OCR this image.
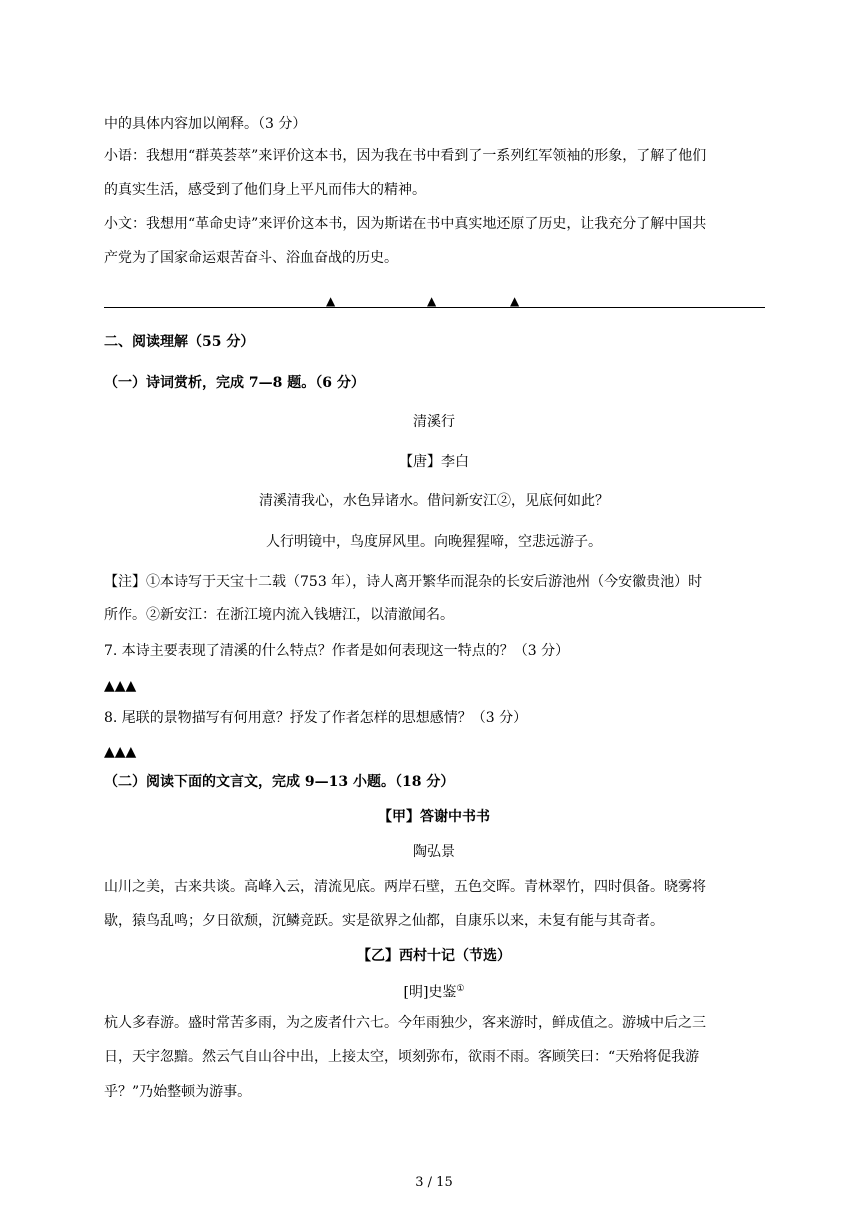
中的具体内容加以阐释。（3 分）
小语：我想用“群英荟萃”来评价这本书，因为我在书中看到了一系列红军领袖的形象，了解了他们
的真实生活，感受到了他们身上平凡而伟大的精神。
小文：我想用“革命史诗”来评价这本书，因为斯诺在书中真实地还原了历史，让我充分了解中国共
产党为了国家命运艰苦奋斗、浴血奋战的历史。
▲	▲	▲
二、阅读理解（55 分）
（一）诗词赏析，完成 7—8 题。（6 分）
清溪行
【唐】李白
清溪清我心，水色异诸水。借问新安江②，见底何如此？
人行明镜中，鸟度屏风里。向晚猩猩啼，空悲远游子。
【注】①本诗写于天宝十二载（753 年），诗人离开繁华而混杂的长安后游池州（今安徽贵池）时
所作。②新安江：在浙江境内流入钱塘江，以清澈闻名。
7. 本诗主要表现了清溪的什么特点？作者是如何表现这一特点的？（3 分）
▲▲▲
8. 尾联的景物描写有何用意？抒发了作者怎样的思想感情？（3 分）
▲▲▲
（二）阅读下面的文言文，完成 9—13 小题。（18 分）
【甲】答谢中书书
陶弘景
山川之美，古来共谈。高峰入云，清流见底。两岸石壁，五色交晖。青林翠竹，四时俱备。晓雾将
歇，猿鸟乱鸣；夕日欲颓，沉鳞竞跃。实是欲界之仙都，自康乐以来，未复有能与其奇者。
【乙】西村十记（节选）
[明]史鉴①
杭人多春游。盛时常苦多雨，为之废者什六七。今年雨独少，客来游时，鲜成值之。游城中后之三
日，天宇忽黯。然云气自山谷中出，上接太空，顷刻弥布，欲雨不雨。客顾笑曰：“天殆将促我游
乎？”乃始整顿为游事。
3 / 15
